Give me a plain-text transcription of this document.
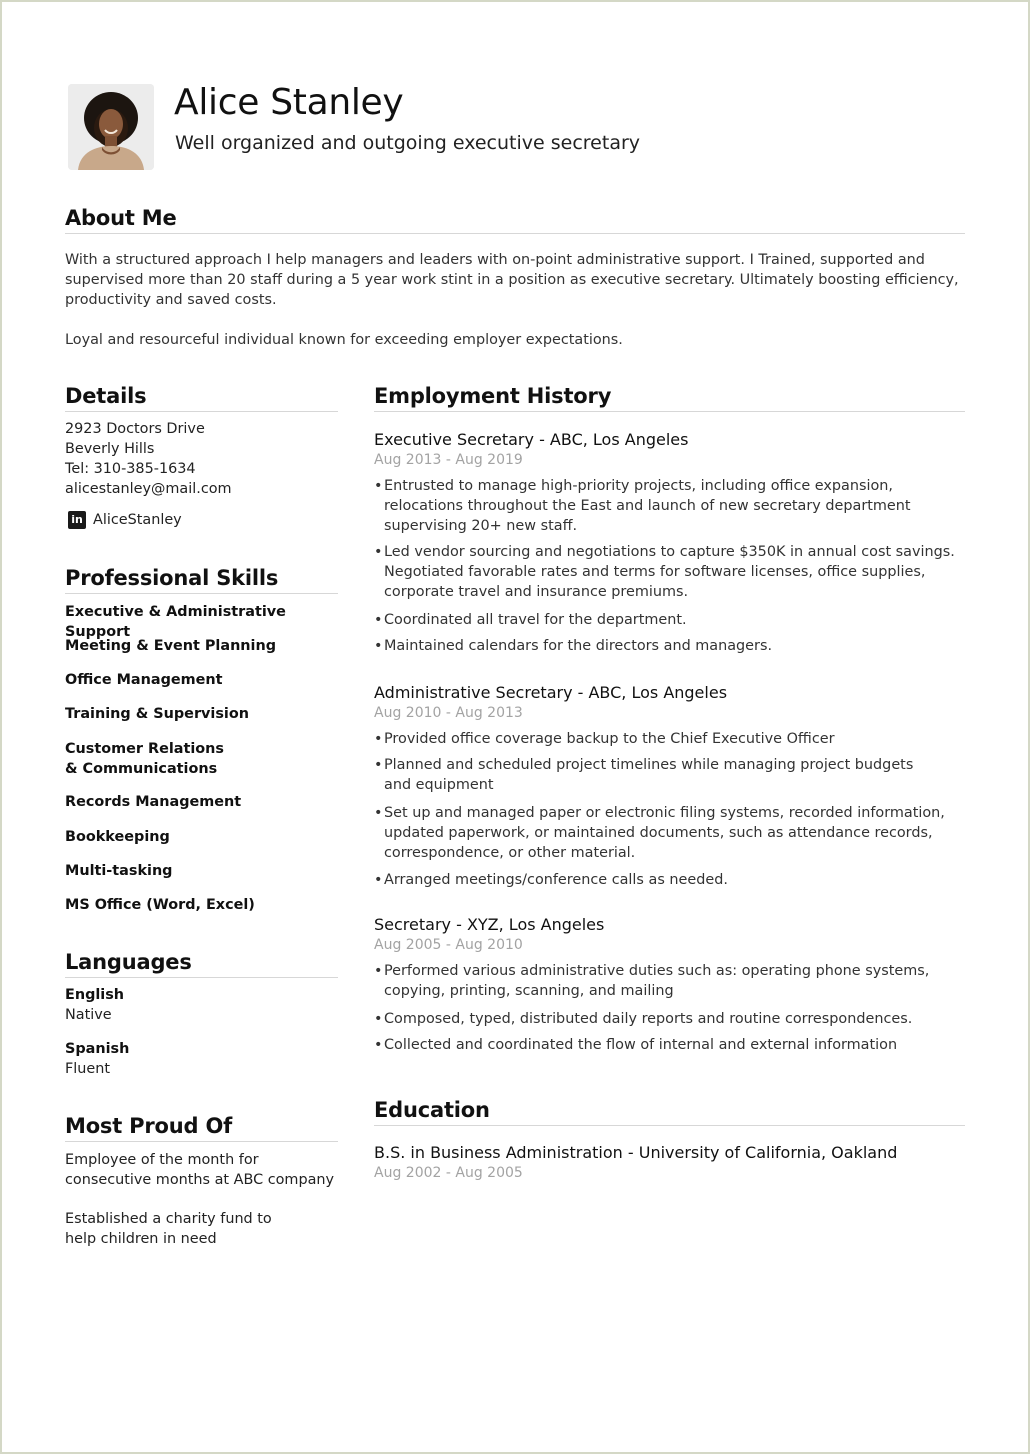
Alice Stanley
Well organized and outgoing executive secretary
About Me
With a structured approach I help managers and leaders with on-point administrative support. I Trained, supported and supervised more than 20 staff during a 5 year work stint in a position as executive secretary. Ultimately boosting efficiency, productivity and saved costs.
Loyal and resourceful individual known for exceeding employer expectations.
Details
2923 Doctors Drive
Beverly Hills
Tel: 310-385-1634
alicestanley@mail.com
in AliceStanley
Professional Skills
Executive & Administrative Support
Meeting & Event Planning
Office Management
Training & Supervision
Customer Relations & Communications
Records Management
Bookkeeping
Multi-tasking
MS Office (Word, Excel)
Languages
English
Native
Spanish
Fluent
Most Proud Of
Employee of the month for consecutive months at ABC company
Established a charity fund to help children in need
Employment History
Executive Secretary - ABC, Los Angeles
Aug 2013 - Aug 2019
• Entrusted to manage high-priority projects, including office expansion, relocations throughout the East and launch of new secretary department supervising 20+ new staff.
• Led vendor sourcing and negotiations to capture $350K in annual cost savings. Negotiated favorable rates and terms for software licenses, office supplies, corporate travel and insurance premiums.
• Coordinated all travel for the department.
• Maintained calendars for the directors and managers.
Administrative Secretary - ABC, Los Angeles
Aug 2010 - Aug 2013
• Provided office coverage backup to the Chief Executive Officer
• Planned and scheduled project timelines while managing project budgets and equipment
• Set up and managed paper or electronic filing systems, recorded information, updated paperwork, or maintained documents, such as attendance records, correspondence, or other material.
• Arranged meetings/conference calls as needed.
Secretary - XYZ, Los Angeles
Aug 2005 - Aug 2010
• Performed various administrative duties such as: operating phone systems, copying, printing, scanning, and mailing
• Composed, typed, distributed daily reports and routine correspondences.
• Collected and coordinated the flow of internal and external information
Education
B.S. in Business Administration - University of California, Oakland
Aug 2002 - Aug 2005
